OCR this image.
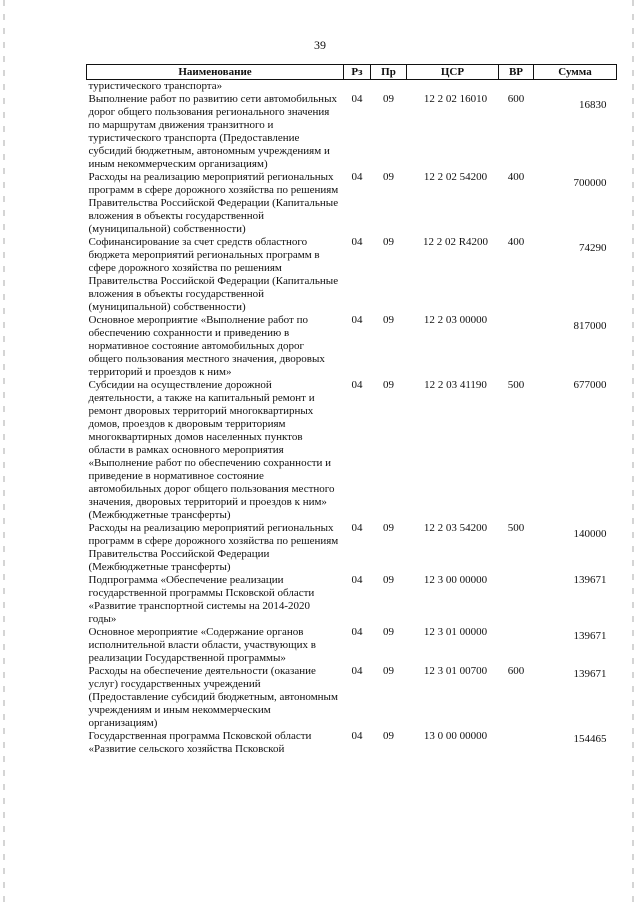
39
Наименование	Рз	Пр	ЦСР	ВР	Сумма
туристического транспорта»					
Выполнение работ по развитию сети автомобильных дорог общего пользования регионального значения по маршрутам движения транзитного и туристического транспорта (Предоставление субсидий бюджетным, автономным учреждениям и иным некоммерческим организациям)	04	09	12 2 02 16010	600	16830
Расходы на реализацию мероприятий региональных программ в сфере дорожного хозяйства по решениям Правительства Российской Федерации (Капитальные вложения в объекты государственной (муниципальной) собственности)	04	09	12 2 02 54200	400	700000
Софинансирование за счет средств областного бюджета мероприятий региональных программ в сфере дорожного хозяйства по решениям Правительства Российской Федерации (Капитальные вложения в объекты государственной (муниципальной) собственности)	04	09	12 2 02 R4200	400	74290
Основное мероприятие «Выполнение работ по обеспечению сохранности и приведению в нормативное состояние автомобильных дорог общего пользования местного значения, дворовых территорий и проездов к ним»	04	09	12 2 03 00000		817000
Субсидии на осуществление дорожной деятельности, а также на капитальный ремонт и ремонт дворовых территорий многоквартирных домов, проездов к дворовым территориям многоквартирных домов населенных пунктов области в рамках основного мероприятия «Выполнение работ по обеспечению сохранности и приведение в нормативное состояние автомобильных дорог общего пользования местного значения, дворовых территорий и проездов к ним» (Межбюджетные трансферты)	04	09	12 2 03 41190	500	677000
Расходы на реализацию мероприятий региональных программ в сфере дорожного хозяйства по решениям Правительства Российской Федерации (Межбюджетные трансферты)	04	09	12 2 03 54200	500	140000
Подпрограмма «Обеспечение реализации государственной программы Псковской области «Развитие транспортной системы на 2014-2020 годы»	04	09	12 3 00 00000		139671
Основное мероприятие «Содержание органов исполнительной власти области, участвующих в реализации Государственной программы»	04	09	12 3 01 00000		139671
Расходы на обеспечение деятельности (оказание услуг) государственных учреждений (Предоставление субсидий бюджетным, автономным учреждениям и иным некоммерческим организациям)	04	09	12 3 01 00700	600	139671
Государственная программа Псковской области «Развитие сельского хозяйства Псковской	04	09	13 0 00 00000		154465
